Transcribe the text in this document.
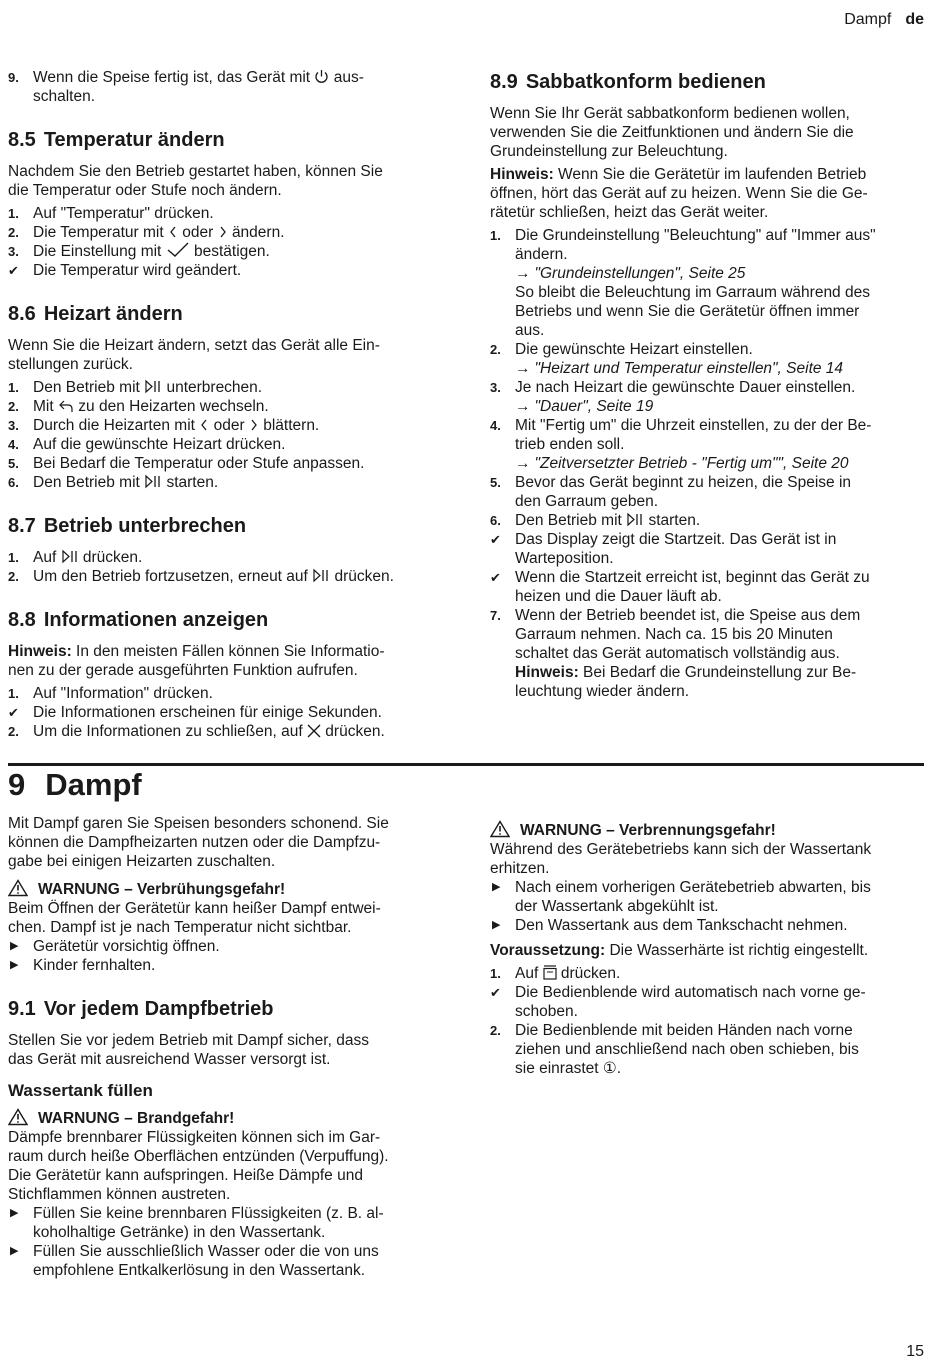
Dampf de
9. Wenn die Speise fertig ist, das Gerät mit aus-
schalten.
8.5 Temperatur ändern

Nachdem Sie den Betrieb gestartet haben, können Sie
die Temperatur oder Stufe noch ändern.

1. Auf "Temperatur" drücken.
2. Die Temperatur mit oder ändern.
3. Die Einstellung mit bestätigen.
✔ Die Temperatur wird geändert.
8.6 Heizart ändern

Wenn Sie die Heizart ändern, setzt das Gerät alle Ein-
stellungen zurück.

1. Den Betrieb mit unterbrechen.
2. Mit zu den Heizarten wechseln.
3. Durch die Heizarten mit oder blättern.
4. Auf die gewünschte Heizart drücken.
5. Bei Bedarf die Temperatur oder Stufe anpassen.
6. Den Betrieb mit starten.
8.7 Betrieb unterbrechen
1. Auf drücken.
2. Um den Betrieb fortzusetzen, erneut auf drücken.
8.8 Informationen anzeigen

Hinweis: In den meisten Fällen können Sie Informatio-
nen zu der gerade ausgeführten Funktion aufrufen.

1. Auf "Information" drücken.
✔ Die Informationen erscheinen für einige Sekunden.
2. Um die Informationen zu schließen, auf drücken.
8.9 Sabbatkonform bedienen

Wenn Sie Ihr Gerät sabbatkonform bedienen wollen,
verwenden Sie die Zeitfunktionen und ändern Sie die
Grundeinstellung zur Beleuchtung.

Hinweis: Wenn Sie die Gerätetür im laufenden Betrieb
öffnen, hört das Gerät auf zu heizen. Wenn Sie die Ge-
rätetür schließen, heizt das Gerät weiter.

1. Die Grundeinstellung "Beleuchtung" auf "Immer aus"
ändern.
→ "Grundeinstellungen", Seite 25
So bleibt die Beleuchtung im Garraum während des
Betriebs und wenn Sie die Gerätetür öffnen immer
aus.
2. Die gewünschte Heizart einstellen.
→ "Heizart und Temperatur einstellen", Seite 14
3. Je nach Heizart die gewünschte Dauer einstellen.
→ "Dauer", Seite 19
4. Mit "Fertig um" die Uhrzeit einstellen, zu der der Be-
trieb enden soll.
→ "Zeitversetzter Betrieb - "Fertig um"", Seite 20
5. Bevor das Gerät beginnt zu heizen, die Speise in
den Garraum geben.
6. Den Betrieb mit starten.
✔ Das Display zeigt die Startzeit. Das Gerät ist in
Warteposition.
✔ Wenn die Startzeit erreicht ist, beginnt das Gerät zu
heizen und die Dauer läuft ab.
7. Wenn der Betrieb beendet ist, die Speise aus dem
Garraum nehmen. Nach ca. 15 bis 20 Minuten
schaltet das Gerät automatisch vollständig aus.
Hinweis: Bei Bedarf die Grundeinstellung zur Be-
leuchtung wieder ändern.
9 Dampf

Mit Dampf garen Sie Speisen besonders schonend. Sie
können die Dampfheizarten nutzen oder die Dampfzu-
gabe bei einigen Heizarten zuschalten.

WARNUNG – Verbrühungsgefahr!

Beim Öffnen der Gerätetür kann heißer Dampf entwei-
chen. Dampf ist je nach Temperatur nicht sichtbar.

▶ Gerätetür vorsichtig öffnen.
▶ Kinder fernhalten.
9.1 Vor jedem Dampfbetrieb

Stellen Sie vor jedem Betrieb mit Dampf sicher, dass
das Gerät mit ausreichend Wasser versorgt ist.

Wassertank füllen
WARNUNG – Brandgefahr!

Dämpfe brennbarer Flüssigkeiten können sich im Gar-
raum durch heiße Oberflächen entzünden (Verpuffung).
Die Gerätetür kann aufspringen. Heiße Dämpfe und
Stichflammen können austreten.

▶ Füllen Sie keine brennbaren Flüssigkeiten (z. B. al-
koholhaltige Getränke) in den Wassertank.
▶ Füllen Sie ausschließlich Wasser oder die von uns
empfohlene Entkalkerlösung in den Wassertank.
WARNUNG – Verbrennungsgefahr!

Während des Gerätebetriebs kann sich der Wassertank
erhitzen.

▶ Nach einem vorherigen Gerätebetrieb abwarten, bis
der Wassertank abgekühlt ist.
▶ Den Wassertank aus dem Tankschacht nehmen.

Voraussetzung: Die Wasserhärte ist richtig eingestellt.

1. Auf drücken.
✔ Die Bedienblende wird automatisch nach vorne ge-
schoben.
2. Die Bedienblende mit beiden Händen nach vorne
ziehen und anschließend nach oben schieben, bis
sie einrastet ①.
15
